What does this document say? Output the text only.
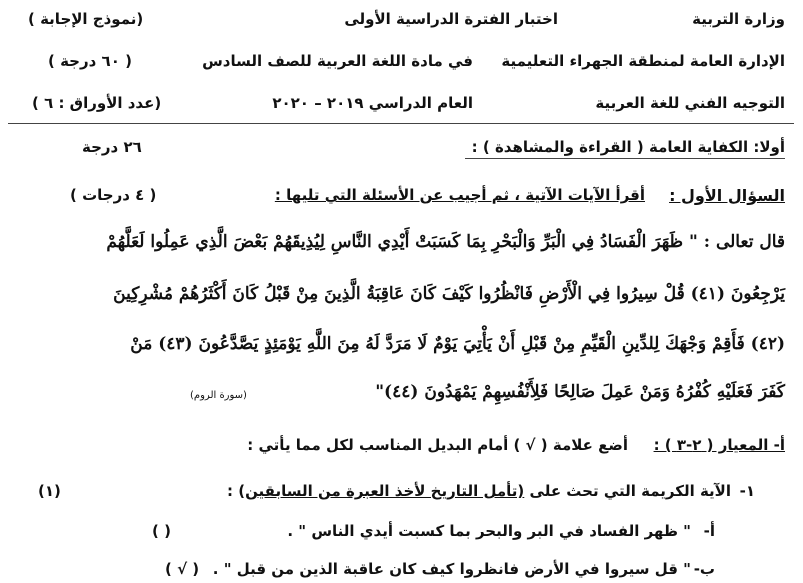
وزارة التربية
اختبار الفترة الدراسية الأولى
(نموذج الإجابة )
الإدارة العامة لمنطقة الجهراء التعليمية
في مادة اللغة العربية للصف السادس
( ٦٠ درجة )
التوجيه الفني للغة العربية
العام الدراسي ٢٠١٩ – ٢٠٢٠
(عدد الأوراق : ٦ )
أولا: الكفاية العامة ( القراءة والمشاهدة ) :
٢٦ درجة
السؤال الأول :
أقرأ الآيات الآتية ، ثم أجيب عن الأسئلة التي تليها :
( ٤ درجات )
قال تعالى : " ظَهَرَ الْفَسَادُ فِي الْبَرِّ وَالْبَحْرِ بِمَا كَسَبَتْ أَيْدِي النَّاسِ لِيُذِيقَهُمْ بَعْضَ الَّذِي عَمِلُوا لَعَلَّهُمْ
يَرْجِعُونَ (٤١) قُلْ سِيرُوا فِي الْأَرْضِ فَانْظُرُوا كَيْفَ كَانَ عَاقِبَةُ الَّذِينَ مِنْ قَبْلُ كَانَ أَكْثَرُهُمْ مُشْرِكِينَ
(٤٢) فَأَقِمْ وَجْهَكَ لِلدِّينِ الْقَيِّمِ مِنْ قَبْلِ أَنْ يَأْتِيَ يَوْمٌ لَا مَرَدَّ لَهُ مِنَ اللَّهِ يَوْمَئِذٍ يَصَّدَّعُونَ (٤٣) مَنْ
كَفَرَ فَعَلَيْهِ كُفْرُهُ وَمَنْ عَمِلَ صَالِحًا فَلِأَنْفُسِهِمْ يَمْهَدُونَ (٤٤)"
(سورة الروم)
أ- المعيار ( ٢-٣ ) :
أضع علامة ( √ ) أمام البديل المناسب لكل مما يأتي :
١-
الآية الكريمة التي تحث على (تأمل التاريخ لأخذ العبرة من السابقين) :
(١)
أ-
" ظهر الفساد في البر والبحر بما كسبت أيدي الناس " .
( )
ب-
" قل سيروا في الأرض فانظروا كيف كان عاقبة الذين من قبل " .
( √ )
